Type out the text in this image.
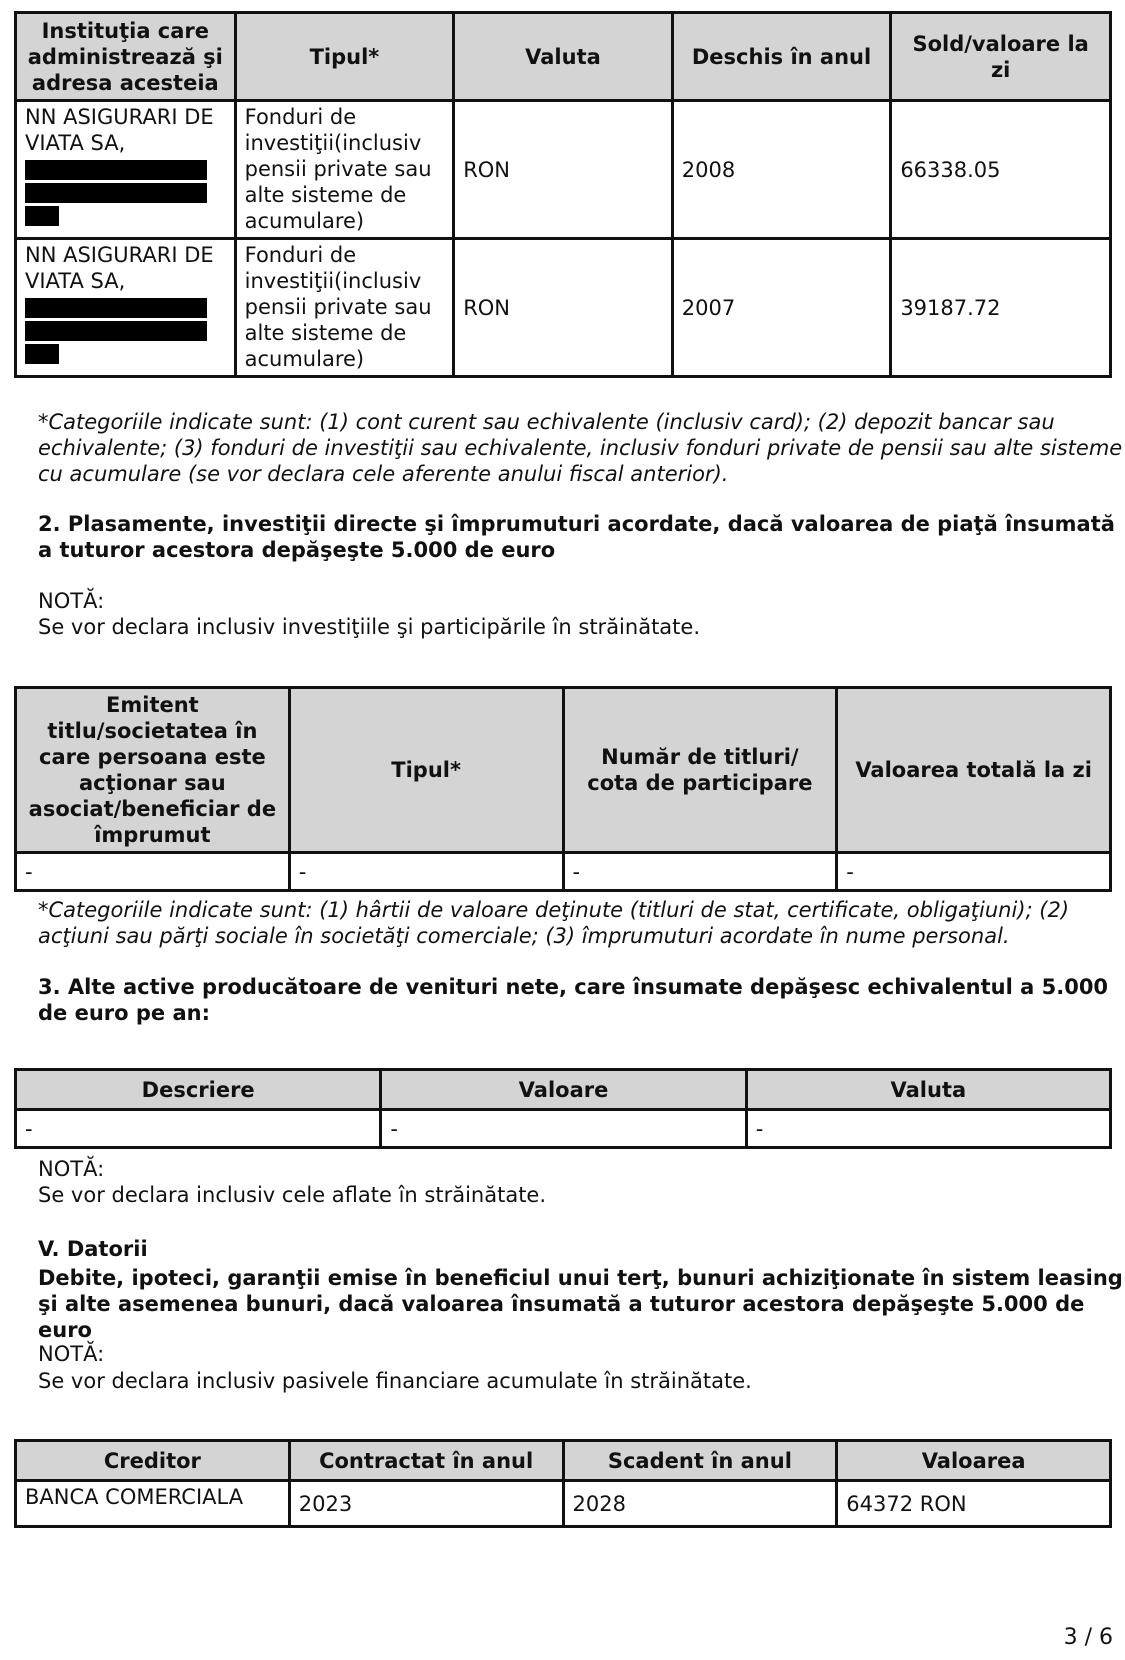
Instituţia care administrează şi adresa acesteia	Tipul*	Valuta	Deschis în anul	Sold/valoare la zi
NN ASIGURARI DE VIATA SA,	Fonduri de investiţii(inclusiv pensii private sau alte sisteme de acumulare)	RON	2008	66338.05
NN ASIGURARI DE VIATA SA,	Fonduri de investiţii(inclusiv pensii private sau alte sisteme de acumulare)	RON	2007	39187.72

*Categoriile indicate sunt: (1) cont curent sau echivalente (inclusiv card); (2) depozit bancar sau echivalente; (3) fonduri de investiţii sau echivalente, inclusiv fonduri private de pensii sau alte sisteme cu acumulare (se vor declara cele aferente anului fiscal anterior).

2. Plasamente, investiţii directe şi împrumuturi acordate, dacă valoarea de piaţă însumată a tuturor acestora depăşeşte 5.000 de euro

NOTĂ:

Se vor declara inclusiv investiţiile şi participările în străinătate.

Emitent titlu/societatea în care persoana este acţionar sau asociat/beneficiar de împrumut	Tipul*	Număr de titluri/ cota de participare	Valoarea totală la zi
-	-	-	-

*Categoriile indicate sunt: (1) hârtii de valoare deţinute (titluri de stat, certificate, obligaţiuni); (2) acţiuni sau părţi sociale în societăţi comerciale; (3) împrumuturi acordate în nume personal.

3. Alte active producătoare de venituri nete, care însumate depăşesc echivalentul a 5.000 de euro pe an:

Descriere	Valoare	Valuta
-	-	-

NOTĂ:

Se vor declara inclusiv cele aflate în străinătate.

V. Datorii

Debite, ipoteci, garanţii emise în beneficiul unui terţ, bunuri achiziţionate în sistem leasing şi alte asemenea bunuri, dacă valoarea însumată a tuturor acestora depăşeşte 5.000 de euro

NOTĂ:

Se vor declara inclusiv pasivele financiare acumulate în străinătate.

Creditor	Contractat în anul	Scadent în anul	Valoarea
BANCA COMERCIALA	2023	2028	64372 RON
3 / 6
